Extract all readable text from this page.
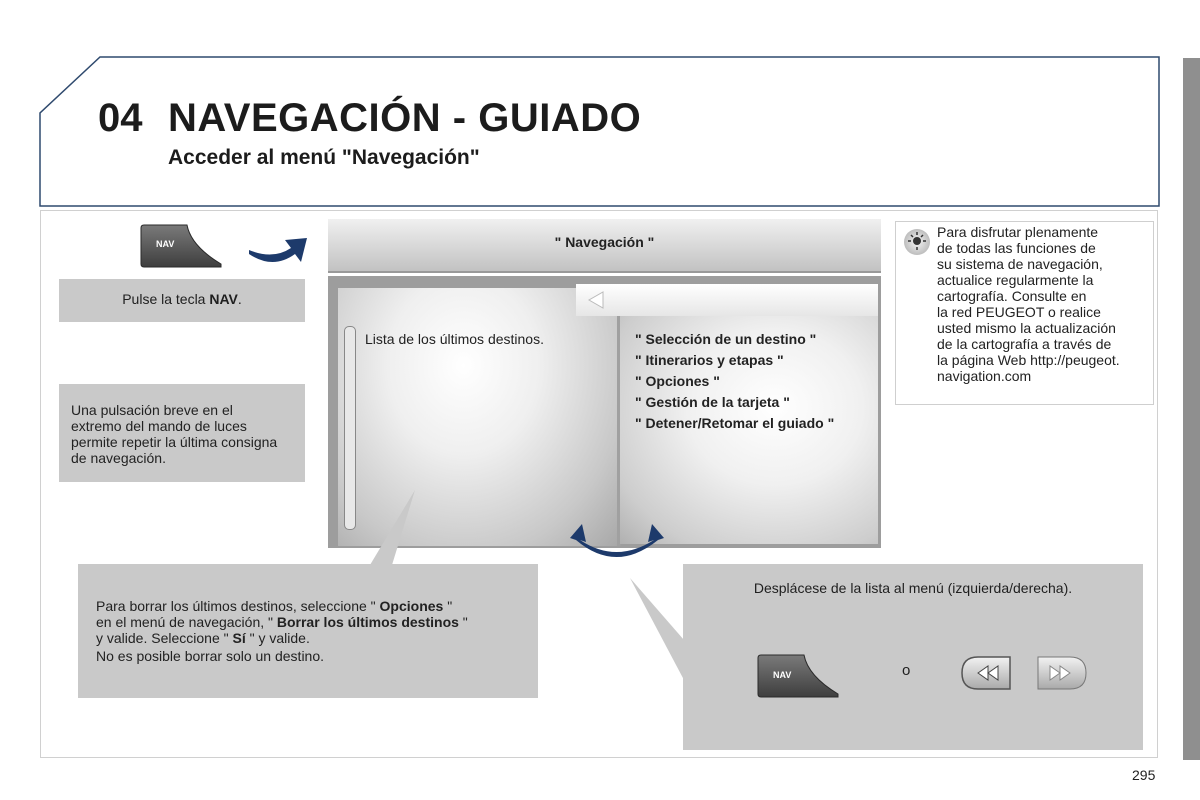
04 NAVEGACIÓN - GUIADO
Acceder al menú "Navegación"
NAV
Pulse la tecla NAV.
Una pulsación breve en el extremo del mando de luces permite repetir la última consigna de navegación.
" Navegación "
Lista de los últimos destinos.	" Selección de un destino "
" Itinerarios y etapas "
" Opciones "
" Gestión de la tarjeta "
" Detener/Retomar el guiado "
Para disfrutar plenamente
de todas las funciones de
su sistema de navegación,
actualice regularmente la
cartografía. Consulte en
la red PEUGEOT o realice
usted mismo la actualización
de la cartografía a través de
la página Web http://peugeot.
navigation.com
Para borrar los últimos destinos, seleccione " Opciones "
en el menú de navegación, " Borrar los últimos destinos "
y valide. Seleccione " Sí " y valide.
No es posible borrar solo un destino.
Desplácese de la lista al menú (izquierda/derecha).
NAV	o
295
